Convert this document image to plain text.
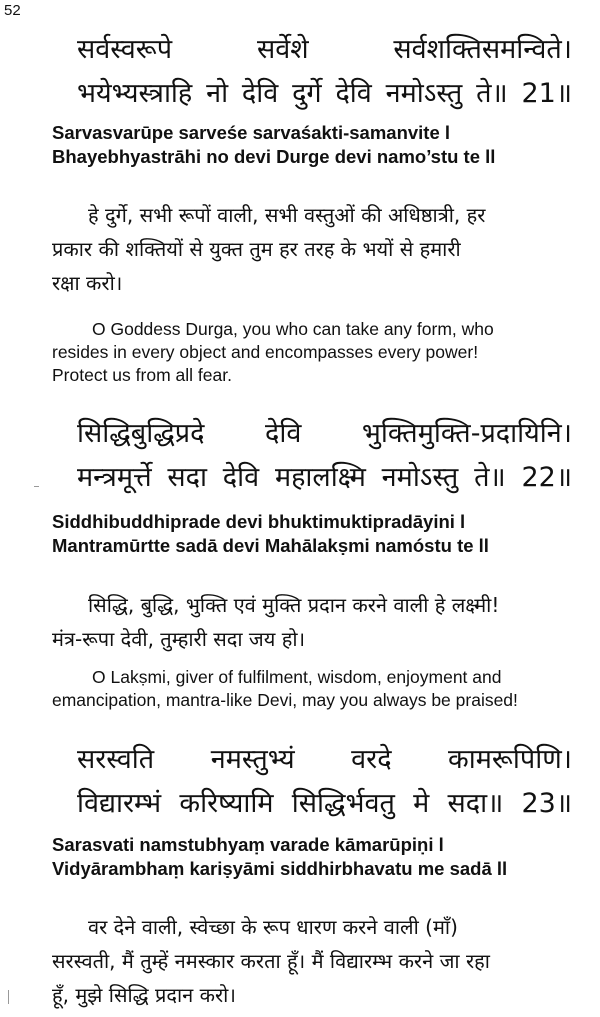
52
सर्वस्वरूपे सर्वेशे सर्वशक्तिसमन्विते।
भयेभ्यस्त्राहि नो देवि दुर्गे देवि नमोऽस्तु ते॥ 21॥
Sarvasvarūpe sarveśe sarvaśakti-samanvite l
Bhayebhyastrāhi no devi Durge devi namo’stu te ll
हे दुर्गे, सभी रूपों वाली, सभी वस्तुओं की अधिष्ठात्री, हर
प्रकार की शक्तियों से युक्त तुम हर तरह के भयों से हमारी
रक्षा करो।
O Goddess Durga, you who can take any form, who
resides in every object and encompasses every power!
Protect us from all fear.
सिद्धिबुद्धिप्रदे देवि भुक्तिमुक्ति-प्रदायिनि।
मन्त्रमूर्त्ते सदा देवि महालक्ष्मि नमोऽस्तु ते॥ 22॥
Siddhibuddhiprade devi bhuktimuktipradāyini l
Mantramūrtte sadā devi Mahālakṣmi namóstu te ll
सिद्धि, बुद्धि, भुक्ति एवं मुक्ति प्रदान करने वाली हे लक्ष्मी!
मंत्र-रूपा देवी, तुम्हारी सदा जय हो।
O Lakṣmi, giver of fulfilment, wisdom, enjoyment and
emancipation, mantra-like Devi, may you always be praised!
सरस्वति नमस्तुभ्यं वरदे कामरूपिणि।
विद्यारम्भं करिष्यामि सिद्धिर्भवतु मे सदा॥ 23॥
Sarasvati namstubhyaṃ varade kāmarūpiṇi l
Vidyārambhaṃ kariṣyāmi siddhirbhavatu me sadā ll
वर देने वाली, स्वेच्छा के रूप धारण करने वाली (माँ)
सरस्वती, मैं तुम्हें नमस्कार करता हूँ। मैं विद्यारम्भ करने जा रहा
हूँ, मुझे सिद्धि प्रदान करो।
